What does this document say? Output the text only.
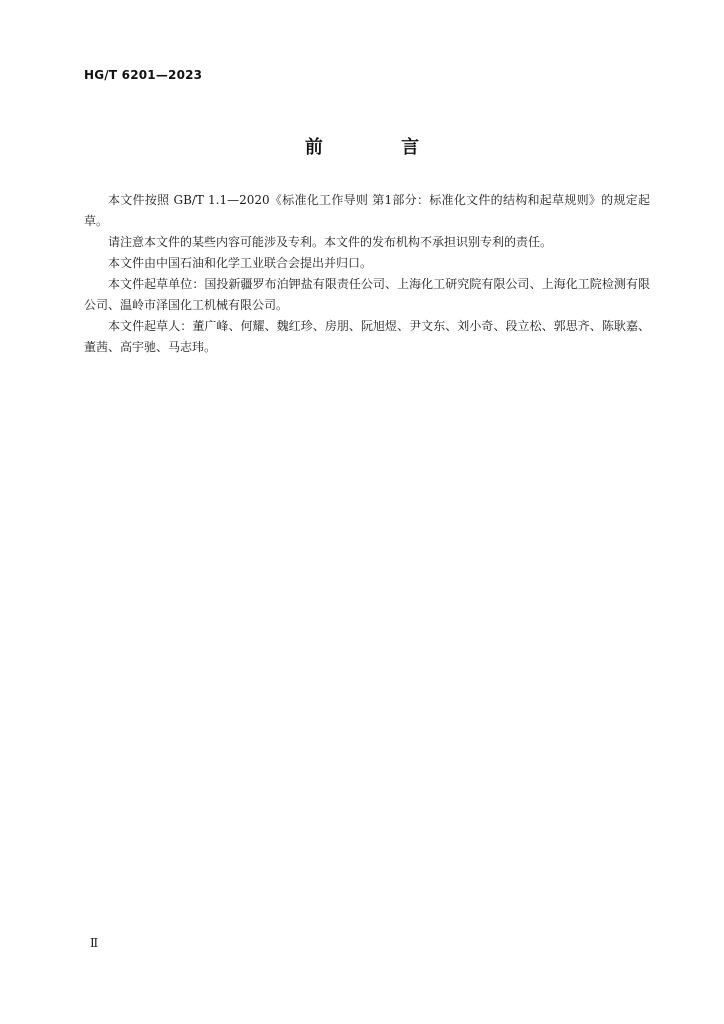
HG/T 6201—2023
前 言

本文件按照 GB/T 1.1—2020《标准化工作导则 第1部分：标准化文件的结构和起草规则》的规定起草。

请注意本文件的某些内容可能涉及专利。本文件的发布机构不承担识别专利的责任。

本文件由中国石油和化学工业联合会提出并归口。

本文件起草单位：国投新疆罗布泊钾盐有限责任公司、上海化工研究院有限公司、上海化工院检测有限公司、温岭市泽国化工机械有限公司。

本文件起草人：董广峰、何耀、魏红珍、房朋、阮旭煜、尹文东、刘小奇、段立松、郭思齐、陈耿嘉、董茜、高宇驰、马志玮。

Ⅱ
